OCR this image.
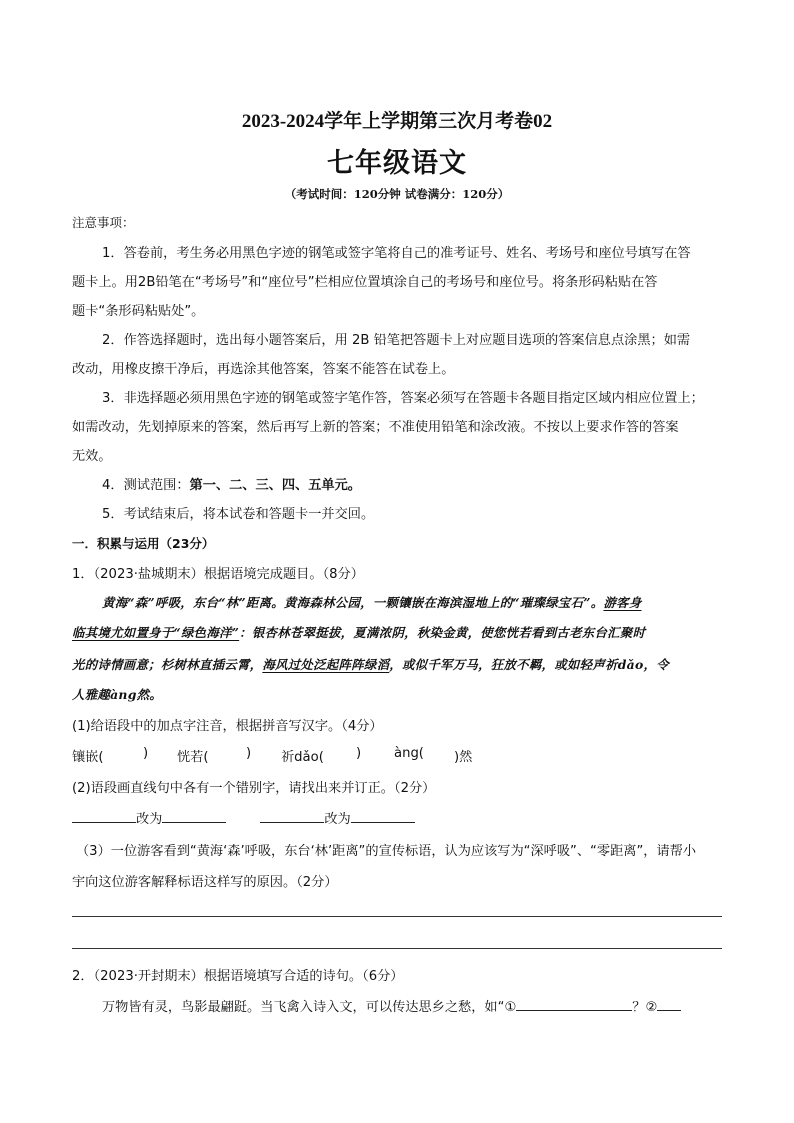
2023-2024学年上学期第三次月考卷02
七年级语文
（考试时间：120分钟 试卷满分：120分）
注意事项：
1．答卷前，考生务必用黑色字迹的钢笔或签字笔将自己的准考证号、姓名、考场号和座位号填写在答
题卡上。用2B铅笔在“考场号”和“座位号”栏相应位置填涂自己的考场号和座位号。将条形码粘贴在答
题卡“条形码粘贴处”。
2．作答选择题时，选出每小题答案后，用 2B 铅笔把答题卡上对应题目选项的答案信息点涂黑；如需
改动，用橡皮擦干净后，再选涂其他答案，答案不能答在试卷上。
3．非选择题必须用黑色字迹的钢笔或签字笔作答，答案必须写在答题卡各题目指定区域内相应位置上；
如需改动，先划掉原来的答案，然后再写上新的答案；不准使用铅笔和涂改液。不按以上要求作答的答案
无效。
4．测试范围：第一、二、三、四、五单元。
5．考试结束后，将本试卷和答题卡一并交回。
一．积累与运用（23分）
1．（2023·盐城期末）根据语境完成题目。（8分）
黄海“森”呼吸，东台“林”距离。黄海森林公园，一颗镶嵌在海滨湿地上的“璀璨绿宝石”。游客身
临其境尤如置身于“绿色海洋”：银杏林苍翠挺拔，夏满浓阴，秋染金黄，使您恍若看到古老东台汇聚时
光的诗情画意；杉树林直插云霄，海风过处泛起阵阵绿滔，或似千军万马，狂放不羁，或如轻声祈dǎo，令
人雅趣àng然。
(1)给语段中的加点字注音，根据拼音写汉字。（4分）
镶嵌(	) 恍若(	) 祈dǎo( ) àng( )然
(2)语段画直线句中各有一个错别字，请找出来并订正。（2分）
改为	改为
（3）一位游客看到“黄海‘森’呼吸，东台‘林’距离”的宣传标语，认为应该写为“深呼吸”、“零距离”，请帮小
宇向这位游客解释标语这样写的原因。（2分）
2．（2023·开封期末）根据语境填写合适的诗句。（6分）
万物皆有灵，鸟影最翩跹。当飞禽入诗入文，可以传达思乡之愁，如“①	？②
